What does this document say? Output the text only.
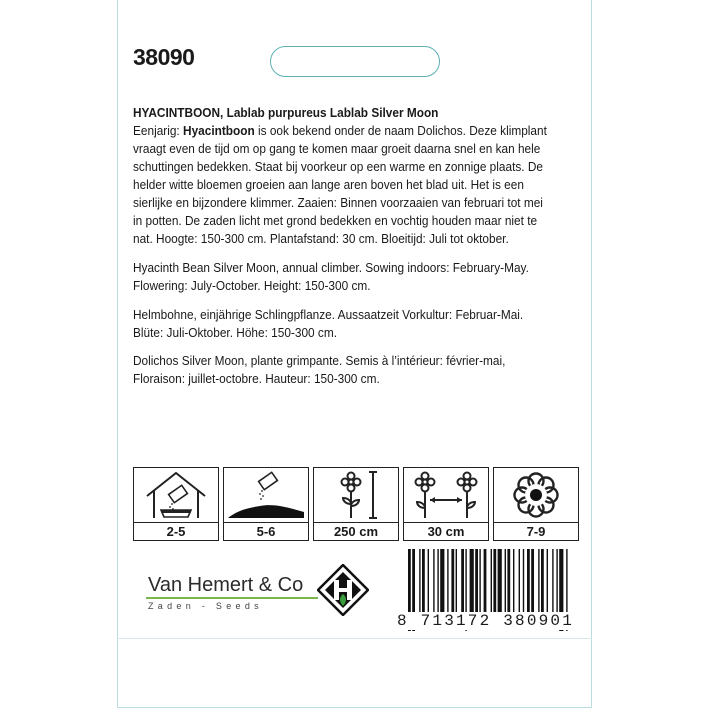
38090
HYACINTBOON, Lablab purpureus Lablab Silver Moon
Eenjarig: Hyacintboon is ook bekend onder de naam Dolichos. Deze klimplant vraagt even de tijd om op gang te komen maar groeit daarna snel en kan hele schuttingen bedekken. Staat bij voorkeur op een warme en zonnige plaats. De helder witte bloemen groeien aan lange aren boven het blad uit. Het is een sierlijke en bijzondere klimmer. Zaaien: Binnen voorzaaien van februari tot mei in potten. De zaden licht met grond bedekken en vochtig houden maar niet te nat. Hoogte: 150-300 cm. Plantafstand: 30 cm. Bloeitijd: Juli tot oktober.
Hyacinth Bean Silver Moon, annual climber. Sowing indoors: February-May. Flowering: July-October. Height: 150-300 cm.
Helmbohne, einjährige Schlingpflanze. Aussaatzeit Vorkultur: Februar-Mai. Blüte: Juli-Oktober. Höhe: 150-300 cm.
Dolichos Silver Moon, plante grimpante. Semis à l’intérieur: février-mai, Floraison: juillet-octobre. Hauteur: 150-300 cm.
2-5	5-6	250 cm	30 cm	7-9
Van Hemert & Co
Zaden - Seeds
8 713172 380901
